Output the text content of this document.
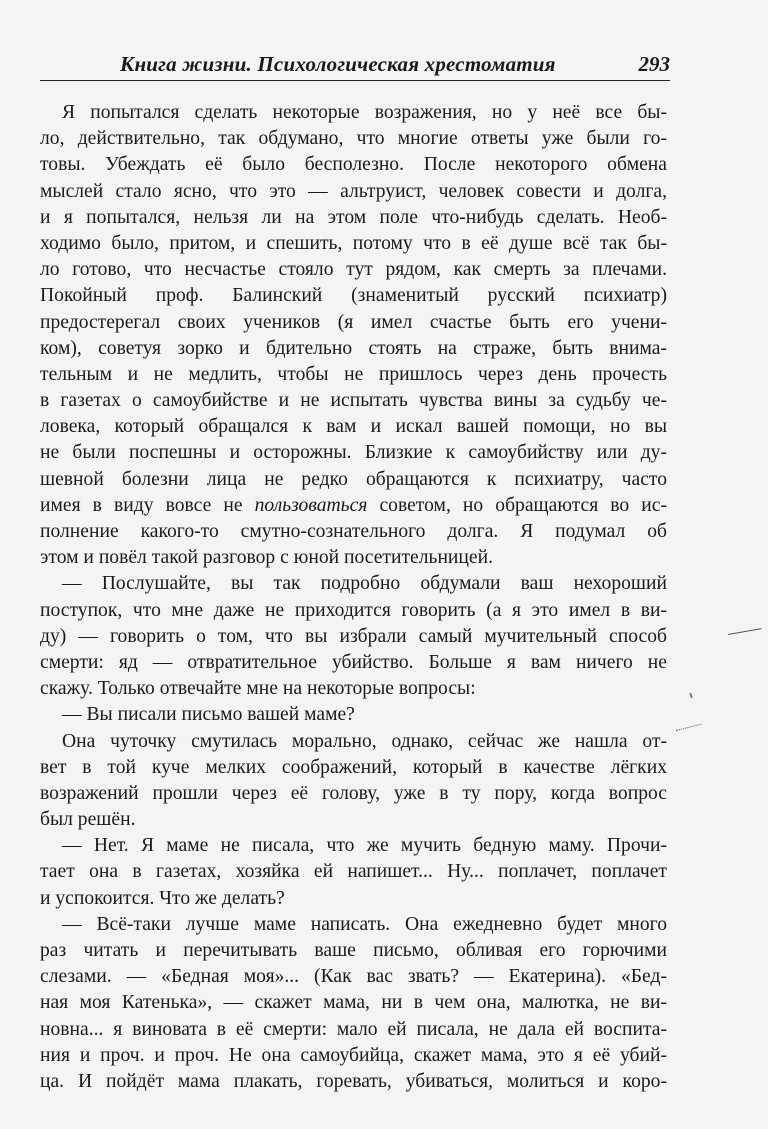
Книга жизни. Психологическая хрестоматия	293
Я попытался сделать некоторые возражения, но у неё все бы-
ло, действительно, так обдумано, что многие ответы уже были го-
товы. Убеждать её было бесполезно. После некоторого обмена
мыслей стало ясно, что это — альтруист, человек совести и долга,
и я попытался, нельзя ли на этом поле что-нибудь сделать. Необ-
ходимо было, притом, и спешить, потому что в её душе всё так бы-
ло готово, что несчастье стояло тут рядом, как смерть за плечами.
Покойный проф. Балинский (знаменитый русский психиатр)
предостерегал своих учеников (я имел счастье быть его учени-
ком), советуя зорко и бдительно стоять на страже, быть внима-
тельным и не медлить, чтобы не пришлось через день прочесть
в газетах о самоубийстве и не испытать чувства вины за судьбу че-
ловека, который обращался к вам и искал вашей помощи, но вы
не были поспешны и осторожны. Близкие к самоубийству или ду-
шевной болезни лица не редко обращаются к психиатру, часто
имея в виду вовсе не пользоваться советом, но обращаются во ис-
полнение какого-то смутно-сознательного долга. Я подумал об
этом и повёл такой разговор с юной посетительницей.
— Послушайте, вы так подробно обдумали ваш нехороший
поступок, что мне даже не приходится говорить (а я это имел в ви-
ду) — говорить о том, что вы избрали самый мучительный способ
смерти: яд — отвратительное убийство. Больше я вам ничего не
скажу. Только отвечайте мне на некоторые вопросы:
— Вы писали письмо вашей маме?
Она чуточку смутилась морально, однако, сейчас же нашла от-
вет в той куче мелких соображений, который в качестве лёгких
возражений прошли через её голову, уже в ту пору, когда вопрос
был решён.
— Нет. Я маме не писала, что же мучить бедную маму. Прочи-
тает она в газетах, хозяйка ей напишет... Ну... поплачет, поплачет
и успокоится. Что же делать?
— Всё-таки лучше маме написать. Она ежедневно будет много
раз читать и перечитывать ваше письмо, обливая его горючими
слезами. — «Бедная моя»... (Как вас звать? — Екатерина). «Бед-
ная моя Катенька», — скажет мама, ни в чем она, малютка, не ви-
новна... я виновата в её смерти: мало ей писала, не дала ей воспита-
ния и проч. и проч. Не она самоубийца, скажет мама, это я её убий-
ца. И пойдёт мама плакать, горевать, убиваться, молиться и коро-
